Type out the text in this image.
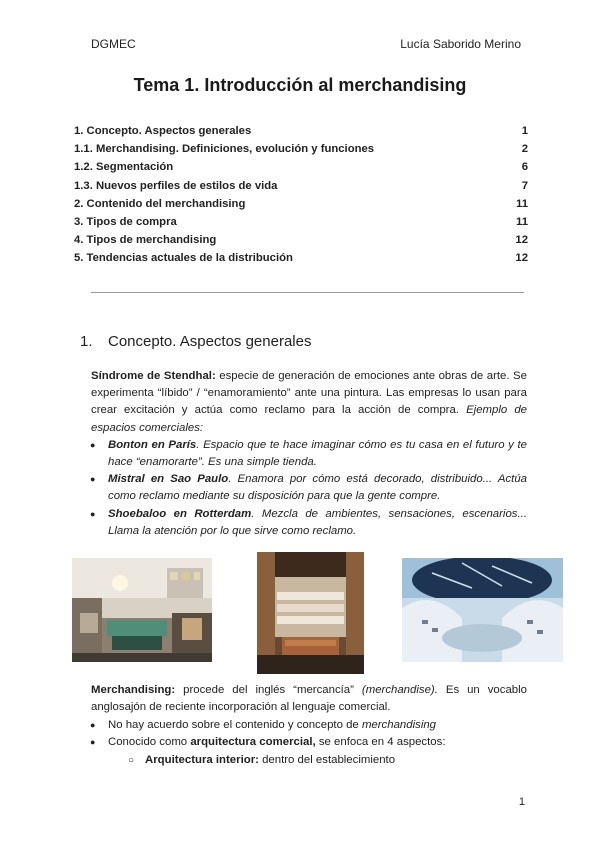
DGMEC	Lucía Saborido Merino
Tema 1. Introducción al merchandising
1. Concepto. Aspectos generales	1
1.1. Merchandising. Definiciones, evolución y funciones	2
1.2. Segmentación	6
1.3. Nuevos perfiles de estilos de vida	7
2. Contenido del merchandising	11
3. Tipos de compra	11
4. Tipos de merchandising	12
5. Tendencias actuales de la distribución	12
1. Concepto. Aspectos generales
Síndrome de Stendhal: especie de generación de emociones ante obras de arte. Se experimenta “líbido” / “enamoramiento” ante una pintura. Las empresas lo usan para crear excitación y actúa como reclamo para la acción de compra. Ejemplo de espacios comerciales:
● Bonton en París. Espacio que te hace imaginar cómo es tu casa en el futuro y te hace “enamorarte”. Es una simple tienda.
● Mistral en Sao Paulo. Enamora por cómo está decorado, distribuido... Actúa como reclamo mediante su disposición para que la gente compre.
● Shoebaloo en Rotterdam. Mezcla de ambientes, sensaciones, escenarios... Llama la atención por lo que sirve como reclamo.
Merchandising: procede del inglés “mercancía” (merchandise). Es un vocablo anglosajón de reciente incorporación al lenguaje comercial.
● No hay acuerdo sobre el contenido y concepto de merchandising
● Conocido como arquitectura comercial, se enfoca en 4 aspectos:
○ Arquitectura interior: dentro del establecimiento
1
